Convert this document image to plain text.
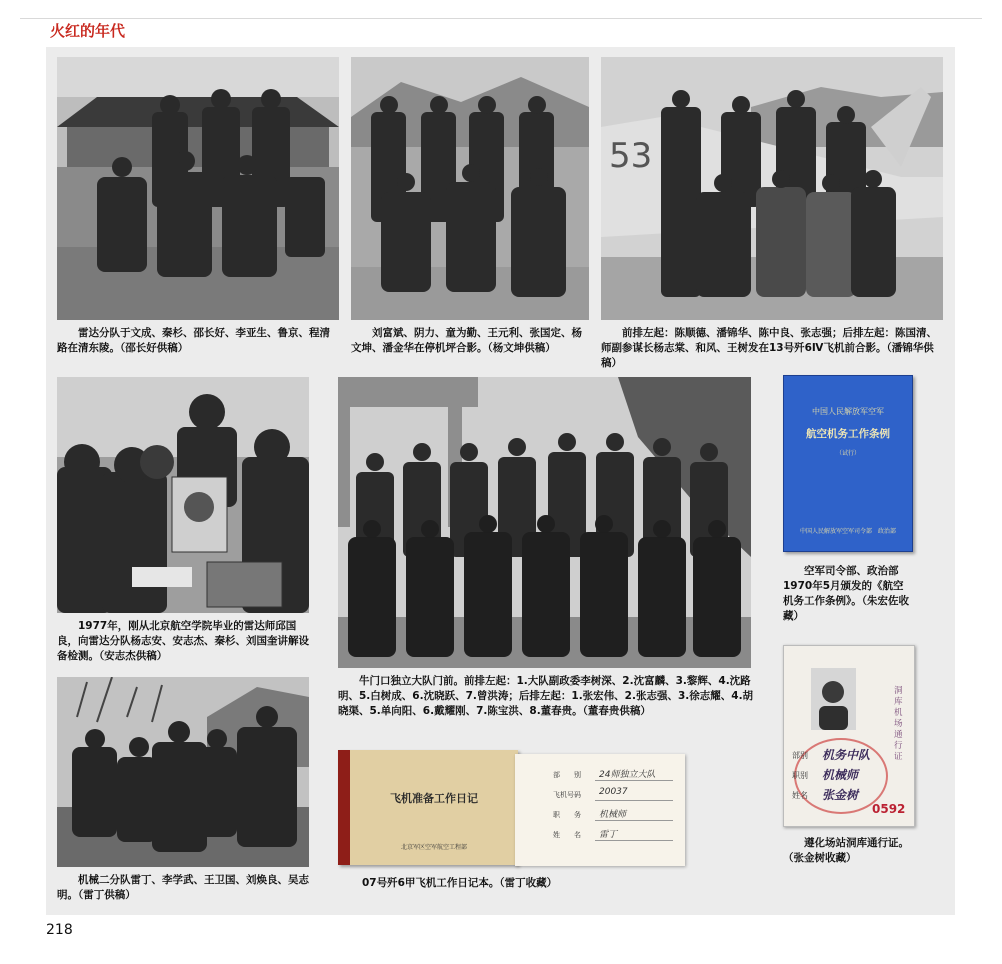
火红的年代
　　雷达分队于文成、秦杉、邵长好、李亚生、鲁京、程清路在清东陵。（邵长好供稿）
　　刘富斌、阴力、童为勤、王元利、张国定、杨文坤、潘金华在停机坪合影。（杨文坤供稿）
53
　　前排左起：陈顺德、潘锦华、陈中良、张志强；后排左起：陈国清、师副参谋长杨志棠、和风、王树发在13号歼6Ⅳ飞机前合影。（潘锦华供稿）
　　1977年，刚从北京航空学院毕业的雷达师邱国良，向雷达分队杨志安、安志杰、秦杉、刘国奎讲解设备检测。（安志杰供稿）
　　牛门口独立大队门前。前排左起：1.大队副政委李树深、2.沈富麟、3.黎辉、4.沈路明、5.白树成、6.沈晓跃、7.曾洪涛；后排左起：1.张宏伟、2.张志强、3.徐志耀、4.胡晓渠、5.单向阳、6.戴耀刚、7.陈宝洪、8.董春贵。（董春贵供稿）
中国人民解放军空军
航空机务工作条例
（试行）
中国人民解放军空军司令部　政治部
　　空军司令部、政治部1970年5月颁发的《航空机务工作条例》。（朱宏佐收藏）
　　机械二分队雷丁、李学武、王卫国、刘焕良、吴志明。（雷丁供稿）
飞机准备工作日记
北京军区空军航空工程部
部　　别 24师独立大队
飞机号码 20037
职　　务 机械师
姓　　名 雷丁
07号歼6甲飞机工作日记本。（雷丁收藏）
洞库机场通行证
部别 机务中队
职别 机械师
姓名 张金树
0592
　　遵化场站洞库通行证。（张金树收藏）
218
